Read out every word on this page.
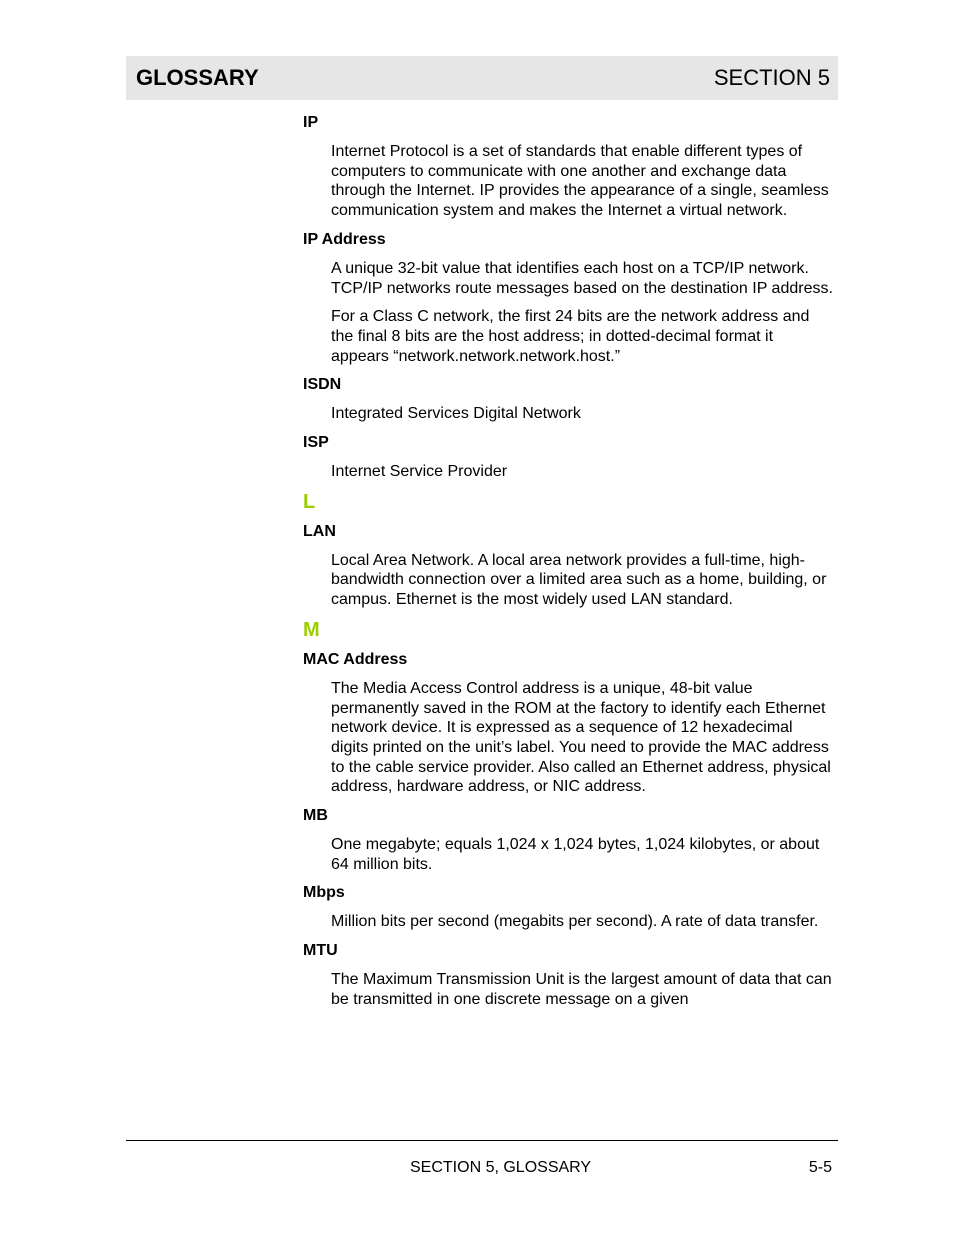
GLOSSARY	SECTION 5
IP
Internet Protocol is a set of standards that enable different types of computers to communicate with one another and exchange data through the Internet. IP provides the appearance of a single, seamless communication system and makes the Internet a virtual network.
IP Address
A unique 32-bit value that identifies each host on a TCP/IP network. TCP/IP networks route messages based on the destination IP address.
For a Class C network, the first 24 bits are the network address and the final 8 bits are the host address; in dotted-decimal format it appears “network.network.network.host.”
ISDN
Integrated Services Digital Network
ISP
Internet Service Provider
L
LAN
Local Area Network. A local area network provides a full-time, high-bandwidth connection over a limited area such as a home, building, or campus. Ethernet is the most widely used LAN standard.
M
MAC Address
The Media Access Control address is a unique, 48-bit value permanently saved in the ROM at the factory to identify each Ethernet network device. It is expressed as a sequence of 12 hexadecimal digits printed on the unit’s label. You need to provide the MAC address to the cable service provider. Also called an Ethernet address, physical address, hardware address, or NIC address.
MB
One megabyte; equals 1,024 x 1,024 bytes, 1,024 kilobytes, or about 64 million bits.
Mbps
Million bits per second (megabits per second). A rate of data transfer.
MTU
The Maximum Transmission Unit is the largest amount of data that can be transmitted in one discrete message on a given
SECTION 5, GLOSSARY	5-5
